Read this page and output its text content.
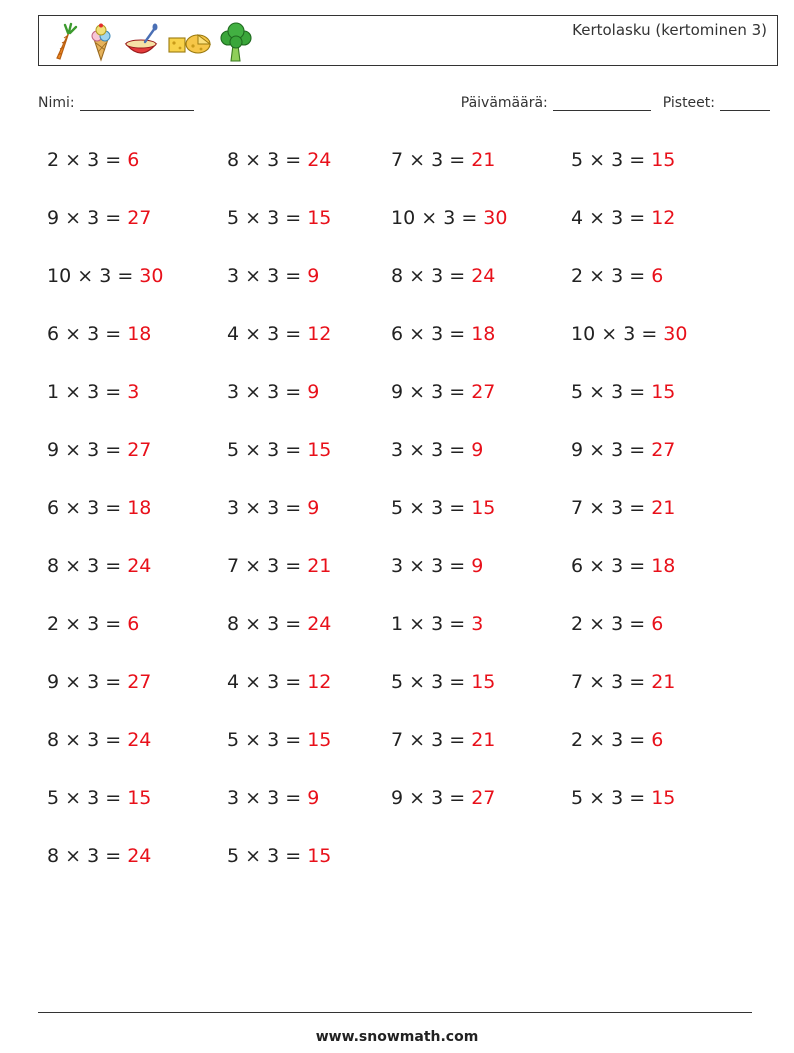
Kertolasku (kertominen 3)
Nimi:	Päivämäärä:	Pisteet:
2 × 3 = 6
9 × 3 = 27
10 × 3 = 30
6 × 3 = 18
1 × 3 = 3
9 × 3 = 27
6 × 3 = 18
8 × 3 = 24
2 × 3 = 6
9 × 3 = 27
8 × 3 = 24
5 × 3 = 15
8 × 3 = 24
8 × 3 = 24
5 × 3 = 15
3 × 3 = 9
4 × 3 = 12
3 × 3 = 9
5 × 3 = 15
3 × 3 = 9
7 × 3 = 21
8 × 3 = 24
4 × 3 = 12
5 × 3 = 15
3 × 3 = 9
5 × 3 = 15
7 × 3 = 21
10 × 3 = 30
8 × 3 = 24
6 × 3 = 18
9 × 3 = 27
3 × 3 = 9
5 × 3 = 15
3 × 3 = 9
1 × 3 = 3
5 × 3 = 15
7 × 3 = 21
9 × 3 = 27
5 × 3 = 15
4 × 3 = 12
2 × 3 = 6
10 × 3 = 30
5 × 3 = 15
9 × 3 = 27
7 × 3 = 21
6 × 3 = 18
2 × 3 = 6
7 × 3 = 21
2 × 3 = 6
5 × 3 = 15
www.snowmath.com
